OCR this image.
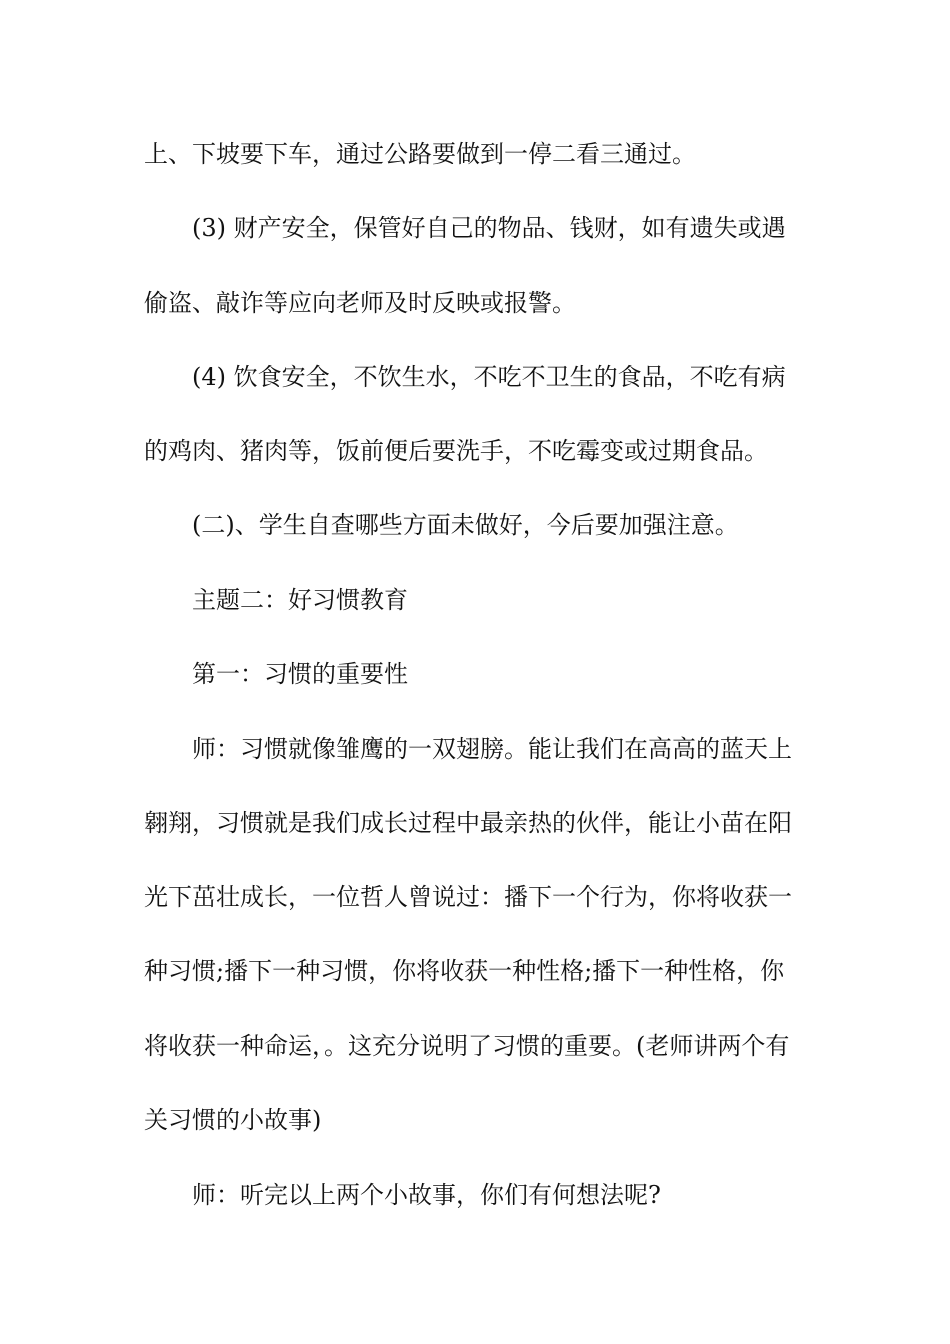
上、下坡要下车，通过公路要做到一停二看三通过。
(3) 财产安全，保管好自己的物品、钱财，如有遗失或遇
偷盗、敲诈等应向老师及时反映或报警。
(4) 饮食安全，不饮生水，不吃不卫生的食品，不吃有病
的鸡肉、猪肉等，饭前便后要洗手，不吃霉变或过期食品。
(二)、学生自查哪些方面未做好，今后要加强注意。
主题二：好习惯教育
第一：习惯的重要性
师：习惯就像雏鹰的一双翅膀。能让我们在高高的蓝天上
翱翔，习惯就是我们成长过程中最亲热的伙伴，能让小苗在阳
光下茁壮成长，一位哲人曾说过：播下一个行为，你将收获一
种习惯;播下一种习惯，你将收获一种性格;播下一种性格，你
将收获一种命运，。这充分说明了习惯的重要。(老师讲两个有
关习惯的小故事)
师：听完以上两个小故事，你们有何想法呢?
